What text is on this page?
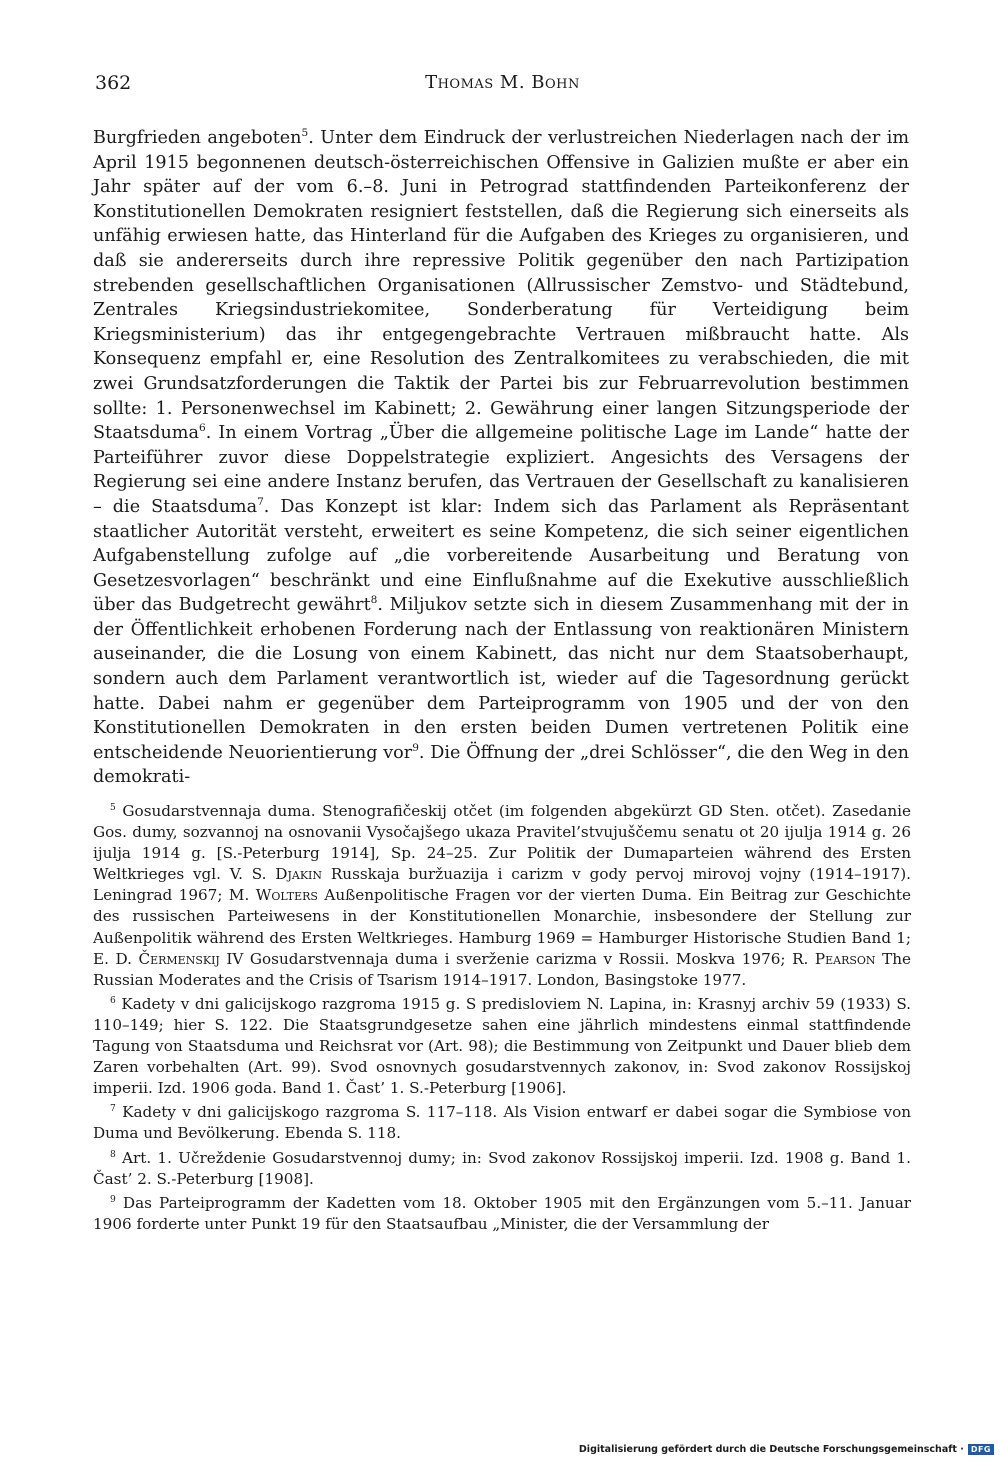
362	Thomas M. Bohn

Burgfrieden angeboten$^5$. Unter dem Eindruck der verlustreichen Niederlagen nach der im April 1915 begonnenen deutsch-österreichischen Offensive in Galizien mußte er aber ein Jahr später auf der vom 6.–8. Juni in Petrograd stattfindenden Parteikonferenz der Konstitutionellen Demokraten resigniert feststellen, daß die Regierung sich einerseits als unfähig erwiesen hatte, das Hinterland für die Aufgaben des Krieges zu organisieren, und daß sie andererseits durch ihre repressive Politik gegenüber den nach Partizipation strebenden gesellschaftlichen Organisationen (Allrussischer Zemstvo- und Städtebund, Zentrales Kriegsindustriekomitee, Sonderberatung für Verteidigung beim Kriegsministerium) das ihr entgegengebrachte Vertrauen mißbraucht hatte. Als Konsequenz empfahl er, eine Resolution des Zentralkomitees zu verabschieden, die mit zwei Grundsatzforderungen die Taktik der Partei bis zur Februarrevolution bestimmen sollte: 1. Personenwechsel im Kabinett; 2. Gewährung einer langen Sitzungsperiode der Staatsduma$^6$. In einem Vortrag „Über die allgemeine politische Lage im Lande“ hatte der Parteiführer zuvor diese Doppelstrategie expliziert. Angesichts des Versagens der Regierung sei eine andere Instanz berufen, das Vertrauen der Gesellschaft zu kanalisieren – die Staatsduma$^7$. Das Konzept ist klar: Indem sich das Parlament als Repräsentant staatlicher Autorität versteht, erweitert es seine Kompetenz, die sich seiner eigentlichen Aufgabenstellung zufolge auf „die vorbereitende Ausarbeitung und Beratung von Gesetzesvorlagen“ beschränkt und eine Einflußnahme auf die Exekutive ausschließlich über das Budgetrecht gewährt$^8$. Miljukov setzte sich in diesem Zusammenhang mit der in der Öffentlichkeit erhobenen Forderung nach der Entlassung von reaktionären Ministern auseinander, die die Losung von einem Kabinett, das nicht nur dem Staatsoberhaupt, sondern auch dem Parlament verantwortlich ist, wieder auf die Tagesordnung gerückt hatte. Dabei nahm er gegenüber dem Parteiprogramm von 1905 und der von den Konstitutionellen Demokraten in den ersten beiden Dumen vertretenen Politik eine entscheidende Neuorientierung vor$^9$. Die Öffnung der „drei Schlösser“, die den Weg in den demokrati-

$^5$ Gosudarstvennaja duma. Stenografičeskij otčet (im folgenden abgekürzt GD Sten. otčet). Zasedanie Gos. dumy, sozvannoj na osnovanii Vysočajšego ukaza Pravitel’stvujuščemu senatu ot 20 ijulja 1914 g. 26 ijulja 1914 g. [S.-Peterburg 1914], Sp. 24–25. Zur Politik der Dumaparteien während des Ersten Weltkrieges vgl. V. S. Djakin Russkaja buržuazija i carizm v gody pervoj mirovoj vojny (1914–1917). Leningrad 1967; M. Wolters Außenpolitische Fragen vor der vierten Duma. Ein Beitrag zur Geschichte des russischen Parteiwesens in der Konstitutionellen Monarchie, insbesondere der Stellung zur Außenpolitik während des Ersten Weltkrieges. Hamburg 1969 = Hamburger Historische Studien Band 1; E. D. Čermenskij IV Gosudarstvennaja duma i sverženie carizma v Rossii. Moskva 1976; R. Pearson The Russian Moderates and the Crisis of Tsarism 1914–1917. London, Basingstoke 1977.

$^6$ Kadety v dni galicijskogo razgroma 1915 g. S predisloviem N. Lapina, in: Krasnyj archiv 59 (1933) S. 110–149; hier S. 122. Die Staatsgrundgesetze sahen eine jährlich mindestens einmal stattfindende Tagung von Staatsduma und Reichsrat vor (Art. 98); die Bestimmung von Zeitpunkt und Dauer blieb dem Zaren vorbehalten (Art. 99). Svod osnovnych gosudarstvennych zakonov, in: Svod zakonov Rossijskoj imperii. Izd. 1906 goda. Band 1. Čast’ 1. S.-Peterburg [1906].

$^7$ Kadety v dni galicijskogo razgroma S. 117–118. Als Vision entwarf er dabei sogar die Symbiose von Duma und Bevölkerung. Ebenda S. 118.

$^8$ Art. 1. Učreždenie Gosudarstvennoj dumy; in: Svod zakonov Rossijskoj imperii. Izd. 1908 g. Band 1. Čast’ 2. S.-Peterburg [1908].

$^9$ Das Parteiprogramm der Kadetten vom 18. Oktober 1905 mit den Ergänzungen vom 5.–11. Januar 1906 forderte unter Punkt 19 für den Staatsaufbau „Minister, die der Versammlung der

Digitalisierung gefördert durch die Deutsche Forschungsgemeinschaft · DFG
